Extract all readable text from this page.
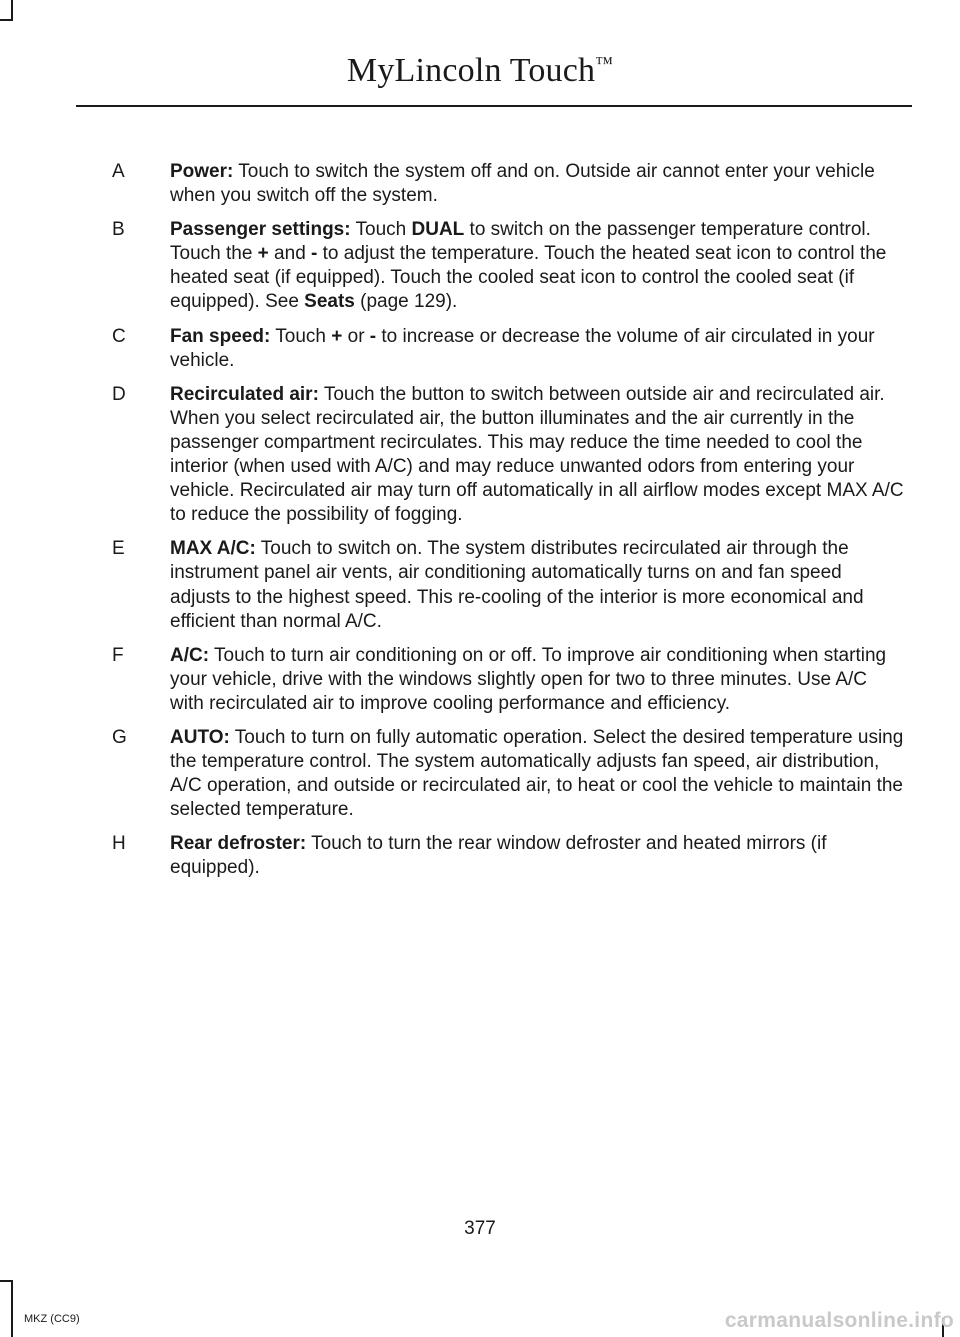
MyLincoln Touch™
A	Power: Touch to switch the system off and on. Outside air cannot enter your vehicle when you switch off the system.
B	Passenger settings: Touch DUAL to switch on the passenger temperature control. Touch the + and - to adjust the temperature. Touch the heated seat icon to control the heated seat (if equipped). Touch the cooled seat icon to control the cooled seat (if equipped). See Seats (page 129).
C	Fan speed: Touch + or - to increase or decrease the volume of air circulated in your vehicle.
D	Recirculated air: Touch the button to switch between outside air and recirculated air. When you select recirculated air, the button illuminates and the air currently in the passenger compartment recirculates. This may reduce the time needed to cool the interior (when used with A/C) and may reduce unwanted odors from entering your vehicle. Recirculated air may turn off automatically in all airflow modes except MAX A/C to reduce the possibility of fogging.
E	MAX A/C: Touch to switch on. The system distributes recirculated air through the instrument panel air vents, air conditioning automatically turns on and fan speed adjusts to the highest speed. This re-cooling of the interior is more economical and efficient than normal A/C.
F	A/C: Touch to turn air conditioning on or off. To improve air conditioning when starting your vehicle, drive with the windows slightly open for two to three minutes. Use A/C with recirculated air to improve cooling performance and efficiency.
G	AUTO: Touch to turn on fully automatic operation. Select the desired temperature using the temperature control. The system automatically adjusts fan speed, air distribution, A/C operation, and outside or recirculated air, to heat or cool the vehicle to maintain the selected temperature.
H	Rear defroster: Touch to turn the rear window defroster and heated mirrors (if equipped).
377
MKZ (CC9)	carmanualsonline.info
